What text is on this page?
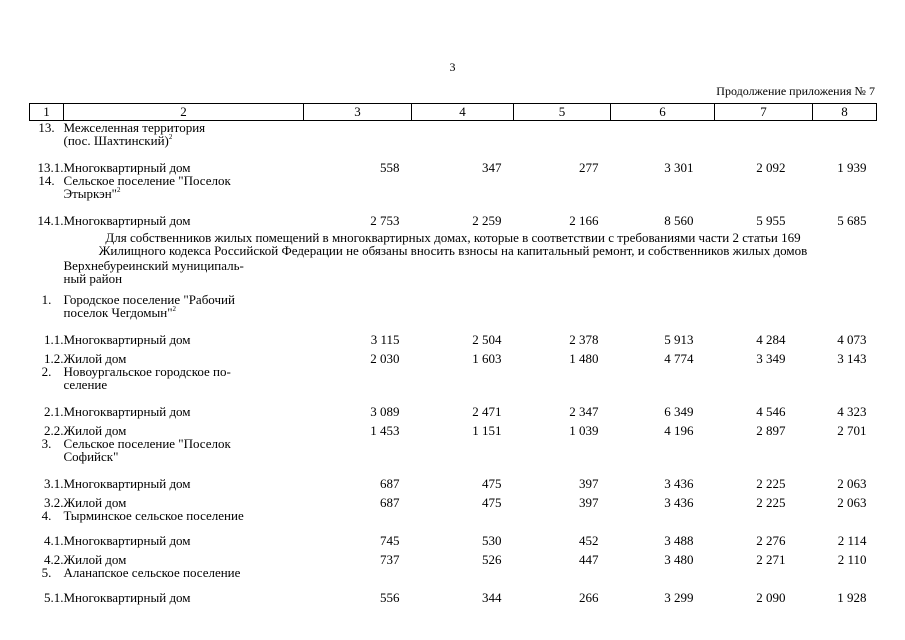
3
Продолжение приложения № 7
1	2	3	4	5	6	7	8
13.	Межселенная территория
(пос. Шахтинский)$^2$

13.1.	Многоквартирный дом	558	347	277	3 301	2 092	1 939
14.	Сельское поселение "Поселок
Этыркэн"$^2$

14.1.	Многоквартирный дом	2 753	2 259	2 166	8 560	5 955	5 685

Для собственников жилых помещений в многоквартирных домах, которые в соответствии с требованиями части 2 статьи 169
Жилищного кодекса Российской Федерации не обязаны вносить взносы на капитальный ремонт, и собственников жилых домов							

	Верхнебуреинский муниципаль-
ный район						

1.	Городское поселение "Рабочий
поселок Чегдомын"$^2$

1.1.	Многоквартирный дом	3 115	2 504	2 378	5 913	4 284	4 073
1.2.	Жилой дом	2 030	1 603	1 480	4 774	3 349	3 143
2.	Новоургальское городское по-
селение						

2.1.	Многоквартирный дом	3 089	2 471	2 347	6 349	4 546	4 323
2.2.	Жилой дом	1 453	1 151	1 039	4 196	2 897	2 701
3.	Сельское поселение "Поселок
Софийск"						

3.1.	Многоквартирный дом	687	475	397	3 436	2 225	2 063
3.2.	Жилой дом	687	475	397	3 436	2 225	2 063
4.	Тырминское сельское поселение						

4.1.	Многоквартирный дом	745	530	452	3 488	2 276	2 114
4.2.	Жилой дом	737	526	447	3 480	2 271	2 110
5.	Аланапское сельское поселение						

5.1.	Многоквартирный дом	556	344	266	3 299	2 090	1 928
